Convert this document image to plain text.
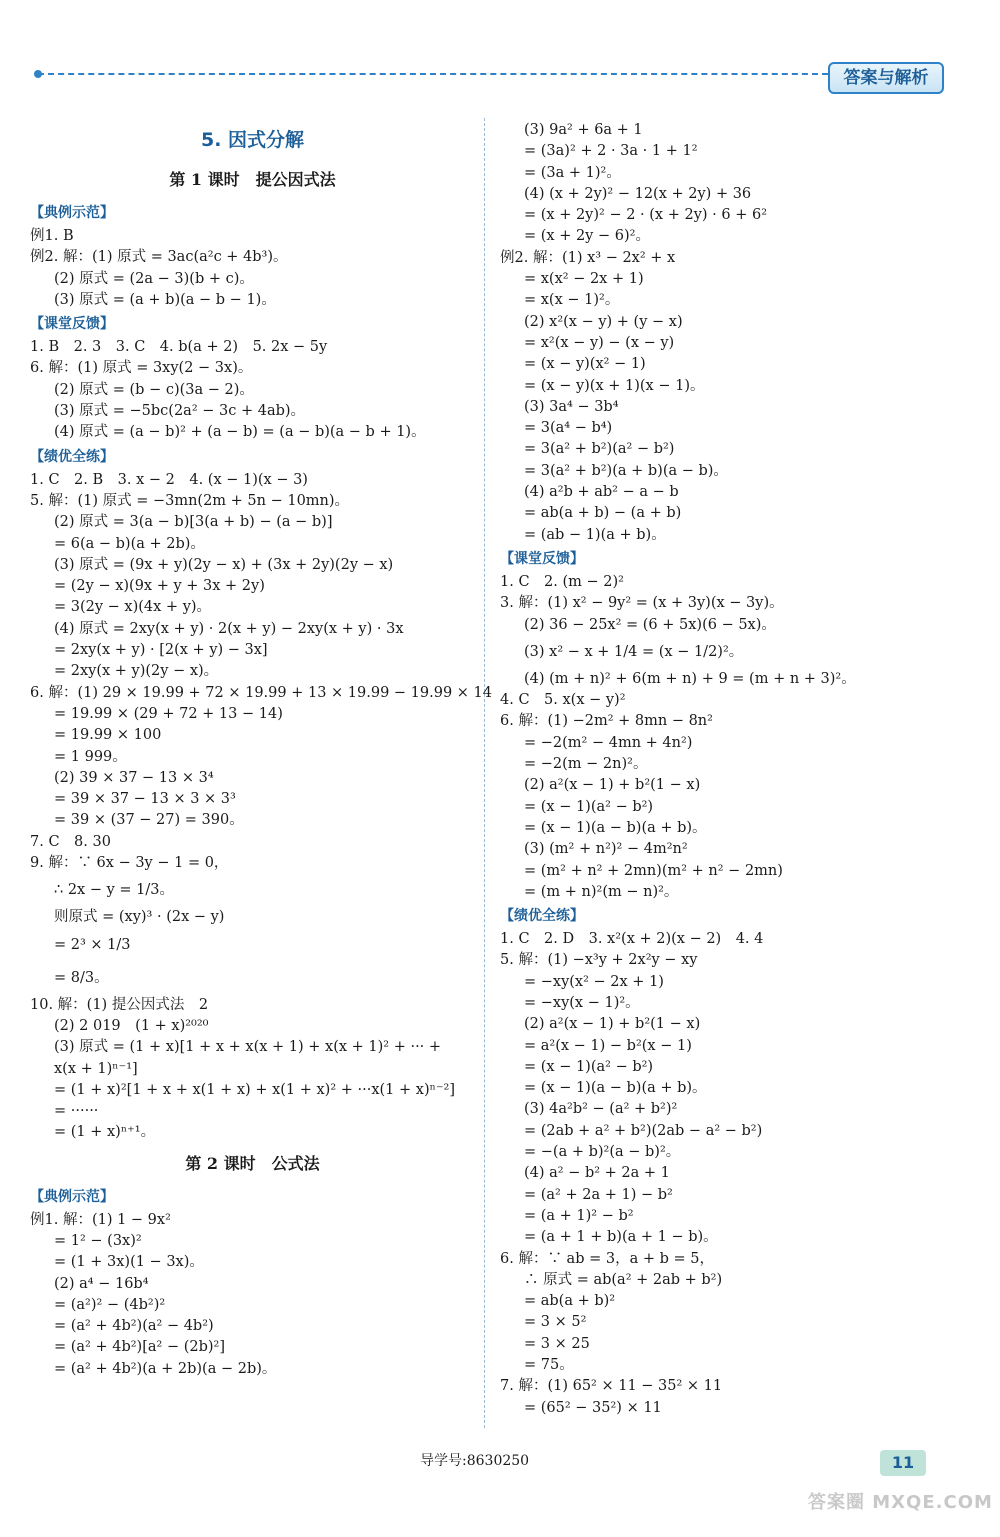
答案与解析
5. 因式分解
第 1 课时　提公因式法
【典例示范】
例1. B
例2. 解：(1) 原式 = 3ac(a²c + 4b³)。
(2) 原式 = (2a − 3)(b + c)。
(3) 原式 = (a + b)(a − b − 1)。
【课堂反馈】
1. B　2. 3　3. C　4. b(a + 2)　5. 2x − 5y
6. 解：(1) 原式 = 3xy(2 − 3x)。
(2) 原式 = (b − c)(3a − 2)。
(3) 原式 = −5bc(2a² − 3c + 4ab)。
(4) 原式 = (a − b)² + (a − b) = (a − b)(a − b + 1)。
【绩优全练】
1. C　2. B　3. x − 2　4. (x − 1)(x − 3)
5. 解：(1) 原式 = −3mn(2m + 5n − 10mn)。
(2) 原式 = 3(a − b)[3(a + b) − (a − b)]
= 6(a − b)(a + 2b)。
(3) 原式 = (9x + y)(2y − x) + (3x + 2y)(2y − x)
= (2y − x)(9x + y + 3x + 2y)
= 3(2y − x)(4x + y)。
(4) 原式 = 2xy(x + y) · 2(x + y) − 2xy(x + y) · 3x
= 2xy(x + y) · [2(x + y) − 3x]
= 2xy(x + y)(2y − x)。
6. 解：(1) 29 × 19.99 + 72 × 19.99 + 13 × 19.99 − 19.99 × 14
= 19.99 × (29 + 72 + 13 − 14)
= 19.99 × 100
= 1 999。
(2) 39 × 37 − 13 × 3⁴
= 39 × 37 − 13 × 3 × 3³
= 39 × (37 − 27) = 390。
7. C　8. 30
9. 解：∵ 6x − 3y − 1 = 0，
∴ 2x − y = 1/3。
则原式 = (xy)³ · (2x − y)
= 2³ × 1/3
= 8/3。
10. 解：(1) 提公因式法　2
(2) 2 019　(1 + x)²⁰²⁰
(3) 原式 = (1 + x)[1 + x + x(x + 1) + x(x + 1)² + ··· +
x(x + 1)ⁿ⁻¹]
= (1 + x)²[1 + x + x(1 + x) + x(1 + x)² + ···x(1 + x)ⁿ⁻²]
= ······
= (1 + x)ⁿ⁺¹。
第 2 课时　公式法
【典例示范】
例1. 解：(1) 1 − 9x²
= 1² − (3x)²
= (1 + 3x)(1 − 3x)。
(2) a⁴ − 16b⁴
= (a²)² − (4b²)²
= (a² + 4b²)(a² − 4b²)
= (a² + 4b²)[a² − (2b)²]
= (a² + 4b²)(a + 2b)(a − 2b)。
(3) 9a² + 6a + 1
= (3a)² + 2 · 3a · 1 + 1²
= (3a + 1)²。
(4) (x + 2y)² − 12(x + 2y) + 36
= (x + 2y)² − 2 · (x + 2y) · 6 + 6²
= (x + 2y − 6)²。
例2. 解：(1) x³ − 2x² + x
= x(x² − 2x + 1)
= x(x − 1)²。
(2) x²(x − y) + (y − x)
= x²(x − y) − (x − y)
= (x − y)(x² − 1)
= (x − y)(x + 1)(x − 1)。
(3) 3a⁴ − 3b⁴
= 3(a⁴ − b⁴)
= 3(a² + b²)(a² − b²)
= 3(a² + b²)(a + b)(a − b)。
(4) a²b + ab² − a − b
= ab(a + b) − (a + b)
= (ab − 1)(a + b)。
【课堂反馈】
1. C　2. (m − 2)²
3. 解：(1) x² − 9y² = (x + 3y)(x − 3y)。
(2) 36 − 25x² = (6 + 5x)(6 − 5x)。
(3) x² − x + 1/4 = (x − 1/2)²。
(4) (m + n)² + 6(m + n) + 9 = (m + n + 3)²。
4. C　5. x(x − y)²
6. 解：(1) −2m² + 8mn − 8n²
= −2(m² − 4mn + 4n²)
= −2(m − 2n)²。
(2) a²(x − 1) + b²(1 − x)
= (x − 1)(a² − b²)
= (x − 1)(a − b)(a + b)。
(3) (m² + n²)² − 4m²n²
= (m² + n² + 2mn)(m² + n² − 2mn)
= (m + n)²(m − n)²。
【绩优全练】
1. C　2. D　3. x²(x + 2)(x − 2)　4. 4
5. 解：(1) −x³y + 2x²y − xy
= −xy(x² − 2x + 1)
= −xy(x − 1)²。
(2) a²(x − 1) + b²(1 − x)
= a²(x − 1) − b²(x − 1)
= (x − 1)(a² − b²)
= (x − 1)(a − b)(a + b)。
(3) 4a²b² − (a² + b²)²
= (2ab + a² + b²)(2ab − a² − b²)
= −(a + b)²(a − b)²。
(4) a² − b² + 2a + 1
= (a² + 2a + 1) − b²
= (a + 1)² − b²
= (a + 1 + b)(a + 1 − b)。
6. 解：∵ ab = 3，a + b = 5，
∴ 原式 = ab(a² + 2ab + b²)
= ab(a + b)²
= 3 × 5²
= 3 × 25
= 75。
7. 解：(1) 65² × 11 − 35² × 11
= (65² − 35²) × 11
导学号:8630250	11
答案圈 MXQE.COM
